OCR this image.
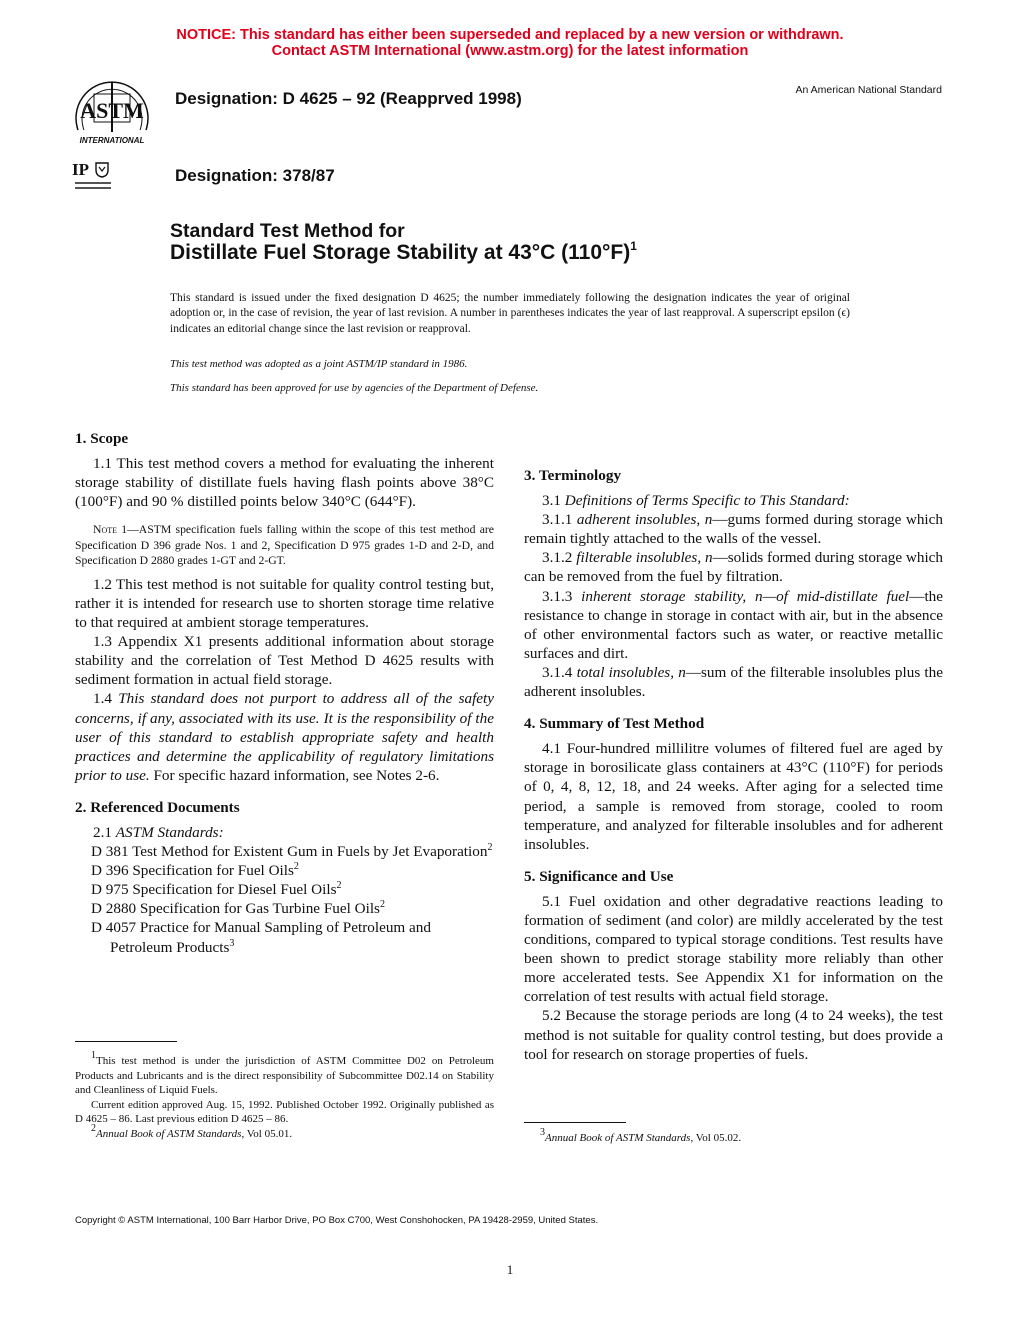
NOTICE: This standard has either been superseded and replaced by a new version or withdrawn.
Contact ASTM International (www.astm.org) for the latest information
ASTM
INTERNATIONAL
Designation: D 4625 – 92 (Reapprved 1998)	An American National Standard
IP	Designation: 378/87
Standard Test Method for
Distillate Fuel Storage Stability at 43°C $(110^\circ F)^1$
This standard is issued under the fixed designation D 4625; the number immediately following the designation indicates the year of original adoption or, in the case of revision, the year of last revision. A number in parentheses indicates the year of last reapproval. A superscript epsilon (ϵ) indicates an editorial change since the last revision or reapproval.
This test method was adopted as a joint ASTM/IP standard in 1986.
This standard has been approved for use by agencies of the Department of Defense.

1. Scope

1.1 This test method covers a method for evaluating the inherent storage stability of distillate fuels having flash points above 38°C (100°F) and 90 % distilled points below 340°C (644°F).

Note 1—ASTM specification fuels falling within the scope of this test method are Specification D 396 grade Nos. 1 and 2, Specification D 975 grades 1-D and 2-D, and Specification D 2880 grades 1-GT and 2-GT.

1.2 This test method is not suitable for quality control testing but, rather it is intended for research use to shorten storage time relative to that required at ambient storage temperatures.

1.3 Appendix X1 presents additional information about storage stability and the correlation of Test Method D 4625 results with sediment formation in actual field storage.

1.4 This standard does not purport to address all of the safety concerns, if any, associated with its use. It is the responsibility of the user of this standard to establish appropriate safety and health practices and determine the applicability of regulatory limitations prior to use. For specific hazard information, see Notes 2-6.

2. Referenced Documents

2.1 ASTM Standards:

D 381 Test Method for Existent Gum in Fuels by Jet Evaporation$^2$

D 396 Specification for Fuel Oils$^2$

D 975 Specification for Diesel Fuel Oils$^2$

D 2880 Specification for Gas Turbine Fuel Oils$^2$

D 4057 Practice for Manual Sampling of Petroleum and Petroleum Products$^3$

3. Terminology

3.1 Definitions of Terms Specific to This Standard:

3.1.1 adherent insolubles, n—gums formed during storage which remain tightly attached to the walls of the vessel.

3.1.2 filterable insolubles, n—solids formed during storage which can be removed from the fuel by filtration.

3.1.3 inherent storage stability, n—of mid-distillate fuel—the resistance to change in storage in contact with air, but in the absence of other environmental factors such as water, or reactive metallic surfaces and dirt.

3.1.4 total insolubles, n—sum of the filterable insolubles plus the adherent insolubles.

4. Summary of Test Method

4.1 Four-hundred millilitre volumes of filtered fuel are aged by storage in borosilicate glass containers at 43°C (110°F) for periods of 0, 4, 8, 12, 18, and 24 weeks. After aging for a selected time period, a sample is removed from storage, cooled to room temperature, and analyzed for filterable insolubles and for adherent insolubles.

5. Significance and Use

5.1 Fuel oxidation and other degradative reactions leading to formation of sediment (and color) are mildly accelerated by the test conditions, compared to typical storage conditions. Test results have been shown to predict storage stability more reliably than other more accelerated tests. See Appendix X1 for information on the correlation of test results with actual field storage.

5.2 Because the storage periods are long (4 to 24 weeks), the test method is not suitable for quality control testing, but does provide a tool for research on storage properties of fuels.

$^1$This test method is under the jurisdiction of ASTM Committee D02 on Petroleum Products and Lubricants and is the direct responsibility of Subcommittee D02.14 on Stability and Cleanliness of Liquid Fuels.

Current edition approved Aug. 15, 1992. Published October 1992. Originally published as D 4625 – 86. Last previous edition D 4625 – 86.

$^2$Annual Book of ASTM Standards, Vol 05.01.	$^3$Annual Book of ASTM Standards, Vol 05.02.

Copyright © ASTM International, 100 Barr Harbor Drive, PO Box C700, West Conshohocken, PA 19428-2959, United States.
1
